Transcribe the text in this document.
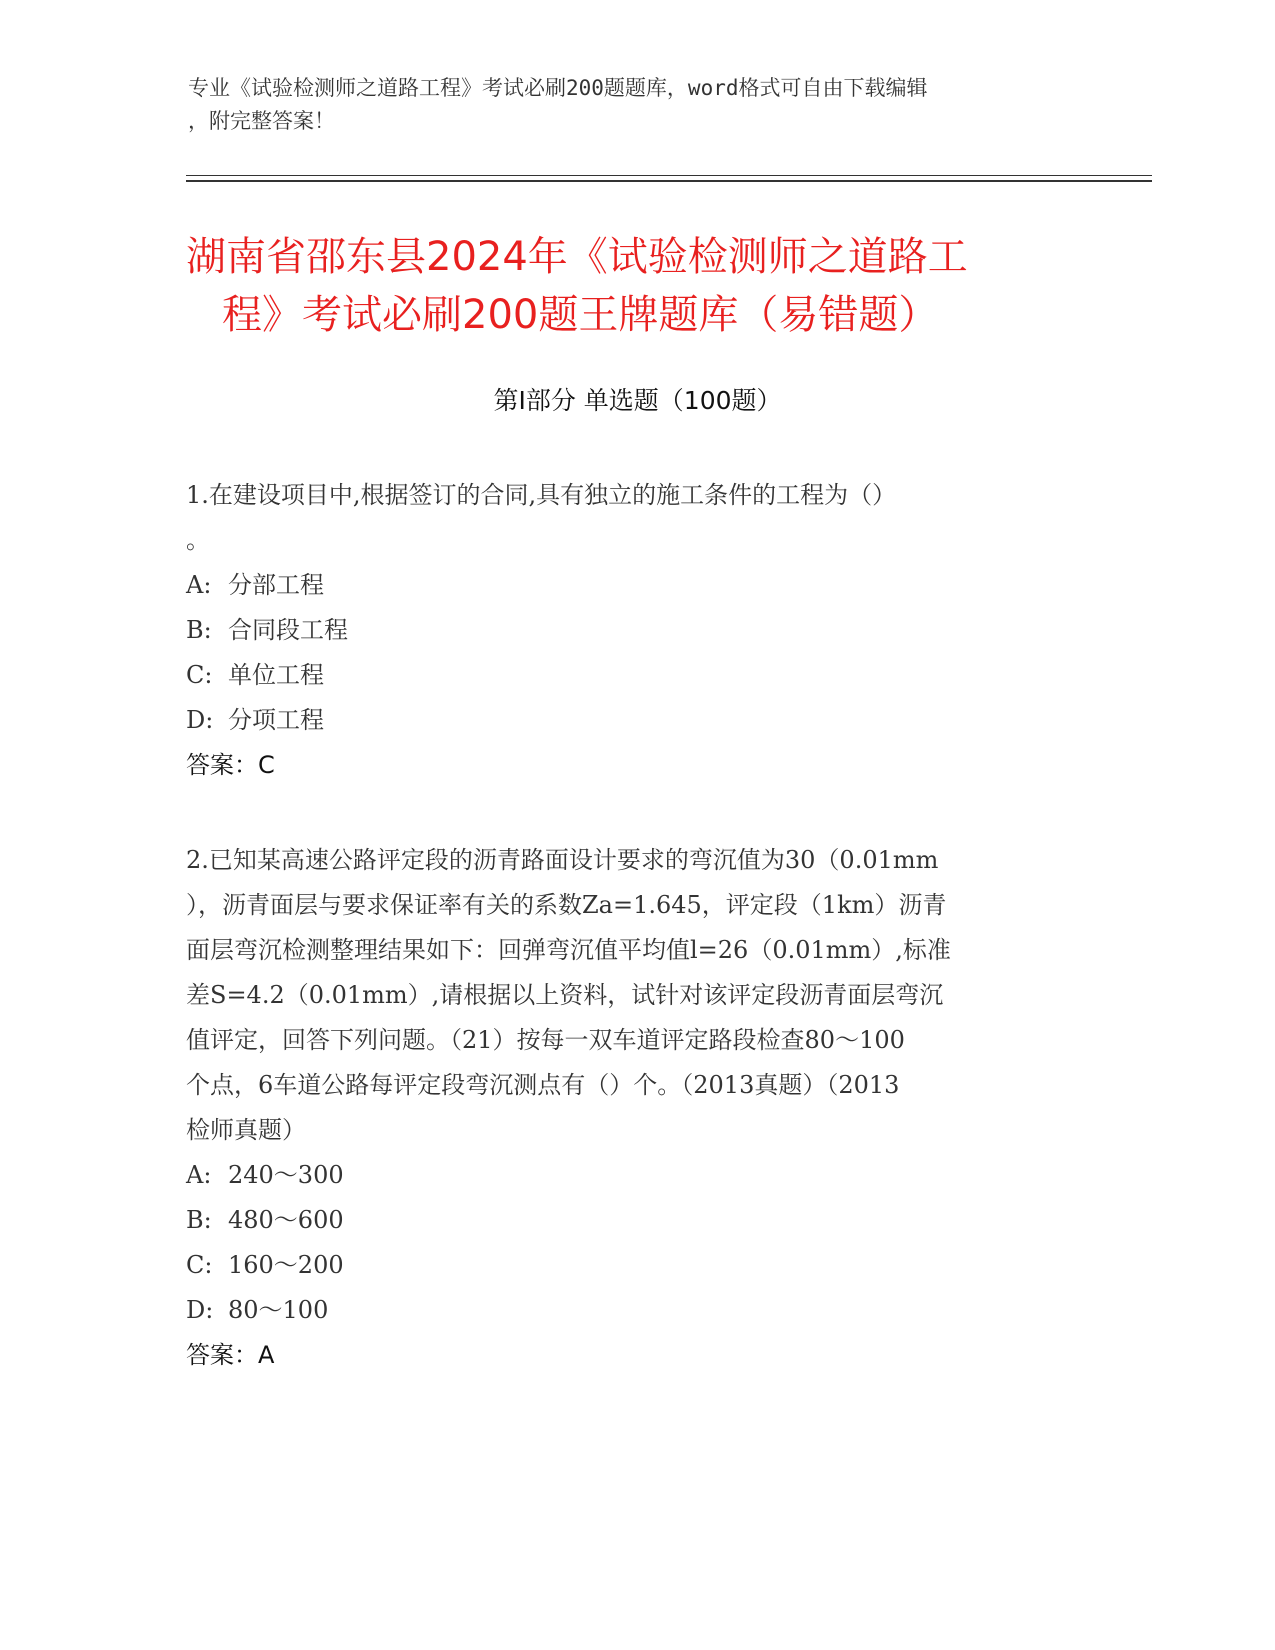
专业《试验检测师之道路工程》考试必刷200题题库，word格式可自由下载编辑
，附完整答案！
湖南省邵东县2024年《试验检测师之道路工
程》考试必刷200题王牌题库（易错题）
第Ⅰ部分 单选题（100题）

1.在建设项目中,根据签订的合同,具有独立的施工条件的工程为（）

。

A: 分部工程

B: 合同段工程

C: 单位工程

D: 分项工程

答案：C

2.已知某高速公路评定段的沥青路面设计要求的弯沉值为30（0.01mm

），沥青面层与要求保证率有关的系数Za=1.645，评定段（1km）沥青

面层弯沉检测整理结果如下：回弹弯沉值平均值l=26（0.01mm）,标准

差S=4.2（0.01mm）,请根据以上资料，试针对该评定段沥青面层弯沉

值评定，回答下列问题。（21）按每一双车道评定路段检查80～100

个点，6车道公路每评定段弯沉测点有（）个。（2013真题）（2013

检师真题）

A: 240～300

B: 480～600

C: 160～200

D: 80～100

答案：A
